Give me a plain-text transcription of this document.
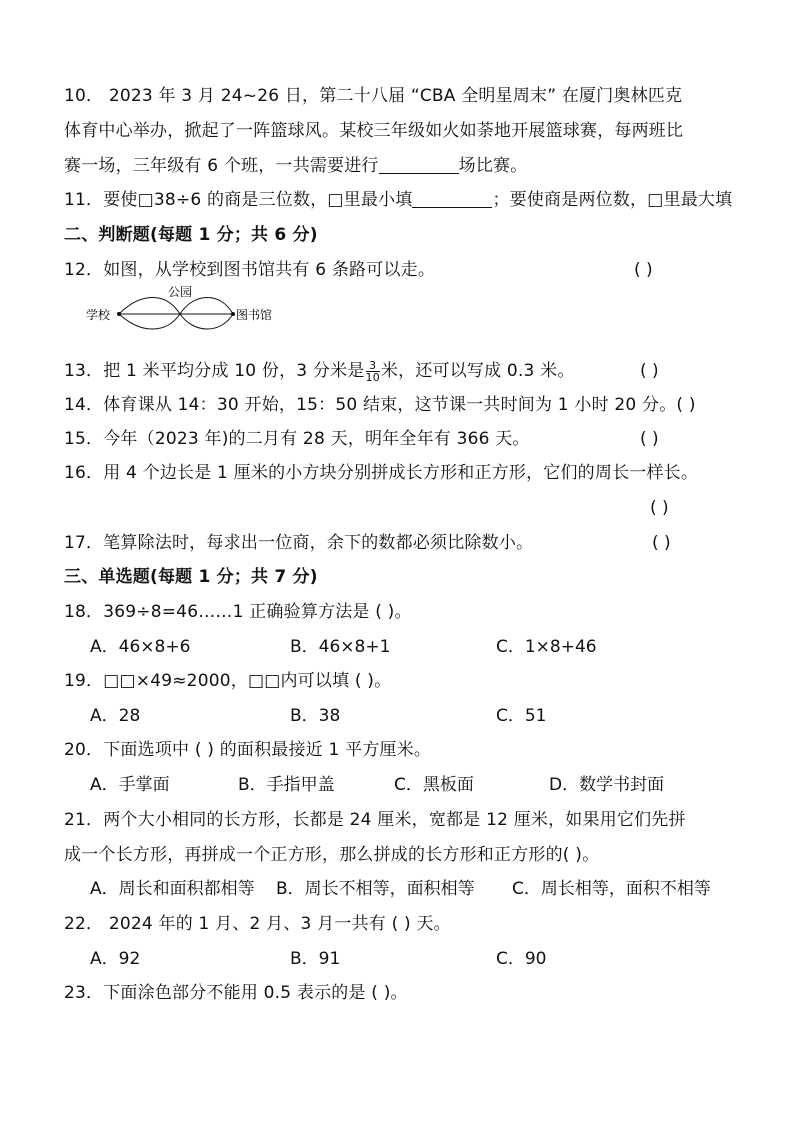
10． 2023 年 3 月 24~26 日，第二十八届 “CBA 全明星周末” 在厦门奥林匹克
体育中心举办，掀起了一阵篮球风。某校三年级如火如荼地开展篮球赛，每两班比
赛一场，三年级有 6 个班，一共需要进行	场比赛。
11．要使□38÷6 的商是三位数，□里最小填	；要使商是两位数，□里最大填
二、判断题(每题 1 分；共 6 分)
12．如图，从学校到图书馆共有 6 条路可以走。	( )
学校
公园
图书馆
13．把 1 米平均分成 10 份，3 分米是 $\frac{3}{10}$ 米，还可以写成 0.3 米。	( )
14．体育课从 14：30 开始，15：50 结束，这节课一共时间为 1 小时 20 分。( )
15．今年（2023 年)的二月有 28 天，明年全年有 366 天。	( )
16．用 4 个边长是 1 厘米的小方块分别拼成长方形和正方形，它们的周长一样长。
( )
17．笔算除法时，每求出一位商，余下的数都必须比除数小。	( )
三、单选题(每题 1 分；共 7 分)
18．369÷8=46……1 正确验算方法是 ( )。
A．46×8+6	B．46×8+1	C．1×8+46
19．□□×49≈2000，□□内可以填 ( )。
A．28	B．38	C．51
20．下面选项中 ( ) 的面积最接近 1 平方厘米。
A．手掌面	B．手指甲盖	C．黑板面	D．数学书封面
21．两个大小相同的长方形，长都是 24 厘米，宽都是 12 厘米，如果用它们先拼
成一个长方形，再拼成一个正方形，那么拼成的长方形和正方形的( )。
A．周长和面积都相等 B．周长不相等，面积相等 C．周长相等，面积不相等
22． 2024 年的 1 月、2 月、3 月一共有 ( ) 天。
A．92	B．91	C．90
23．下面涂色部分不能用 0.5 表示的是 ( )。
